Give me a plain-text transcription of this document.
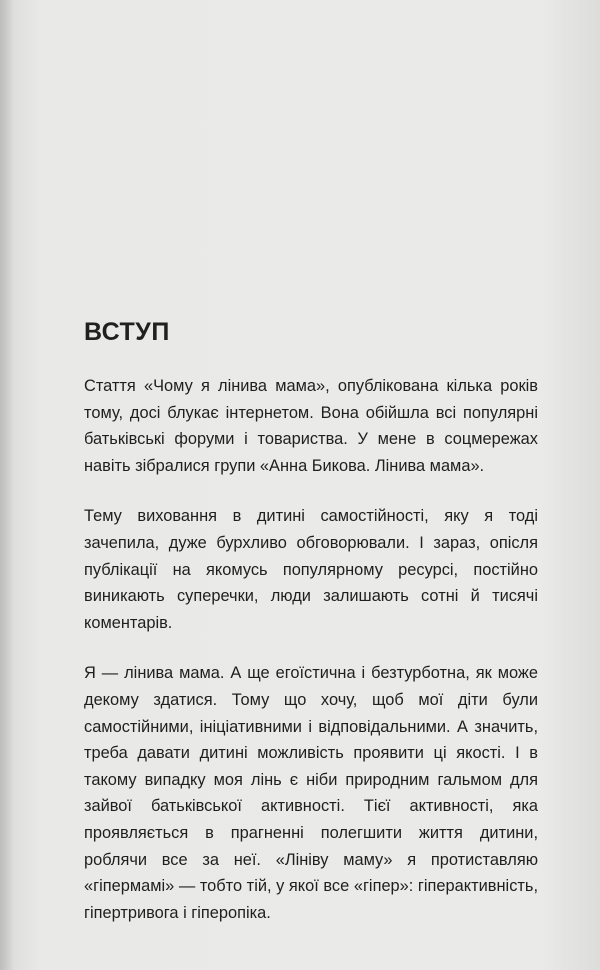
ВСТУП

Стаття «Чому я лінива мама», опублікована кілька років тому, досі блукає інтернетом. Вона обійшла всі популярні батьківські форуми і товариства. У мене в соцмережах навіть зібралися групи «Анна Бикова. Лінива мама».

Тему виховання в дитині самостійності, яку я тоді зачепила, дуже бурхливо обговорювали. І зараз, опісля публікації на якомусь популярному ресурсі, постійно виникають суперечки, люди залишають сотні й тисячі коментарів.

Я — лінива мама. А ще егоїстична і безтурботна, як може декому здатися. Тому що хочу, щоб мої діти були самостійними, ініціативними і відповідальними. А значить, треба давати дитині можливість проявити ці якості. І в такому випадку моя лінь є ніби природним гальмом для зайвої батьківської активності. Тієї активності, яка проявляється в прагненні полегшити життя дитини, роблячи все за неї. «Лініву маму» я протиставляю «гіпермамі» — тобто тій, у якої все «гіпер»: гіперактивність, гіпертривога і гіперопіка.
